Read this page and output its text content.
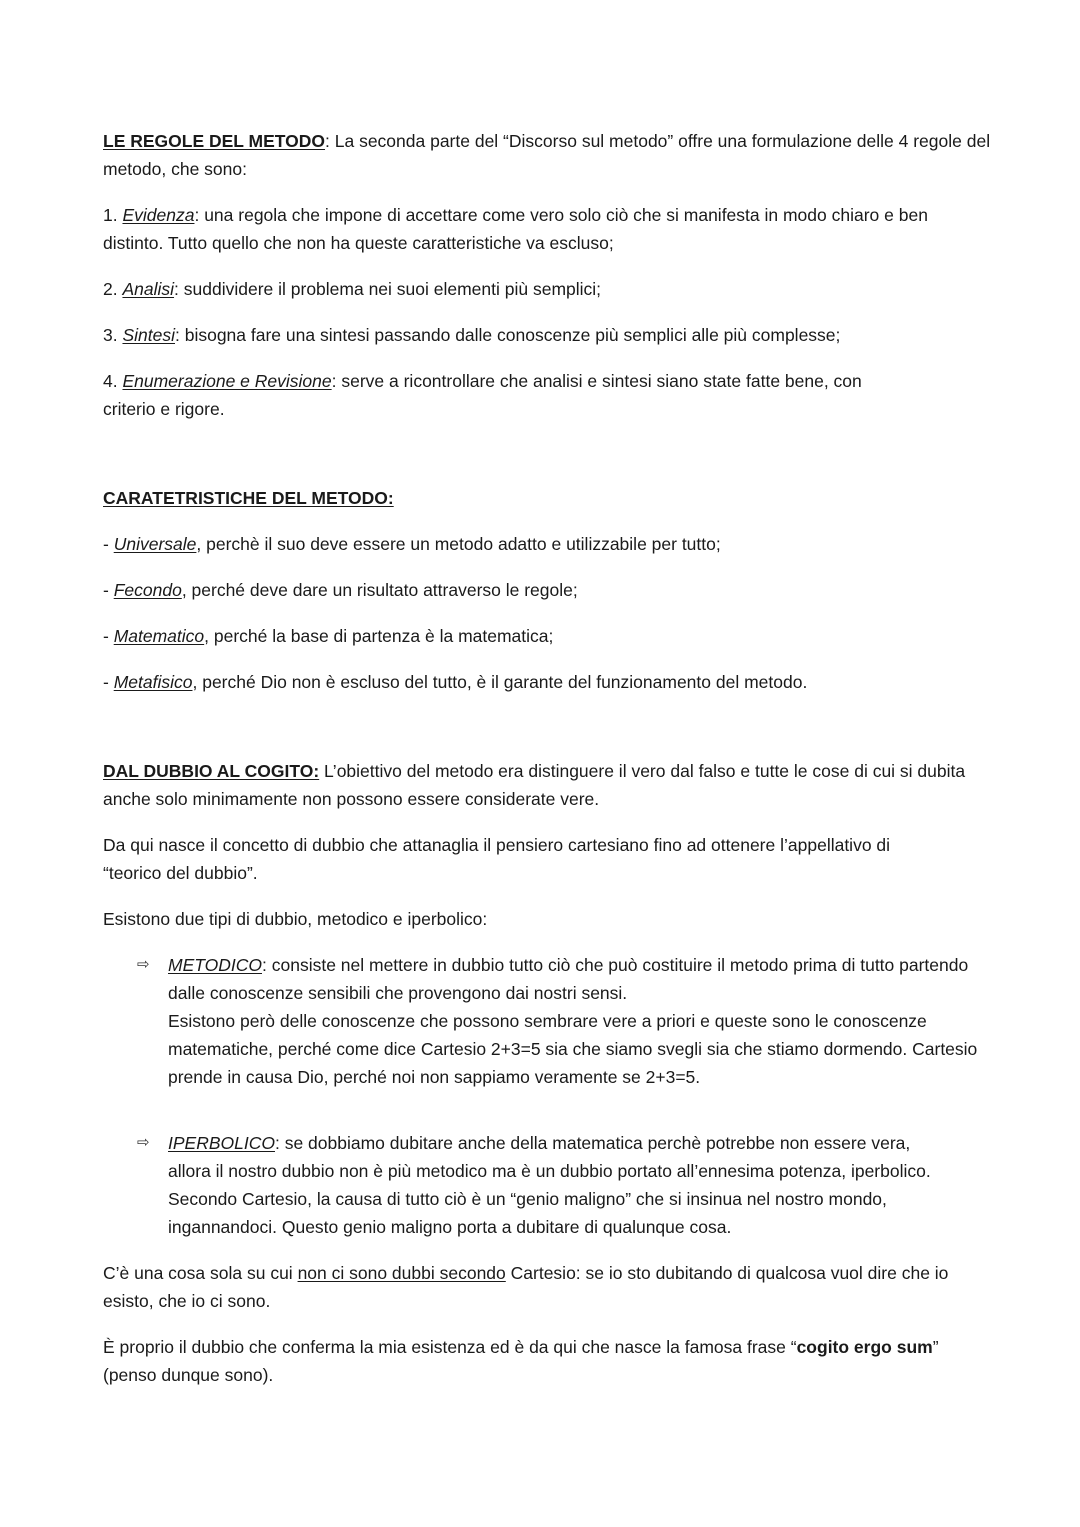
LE REGOLE DEL METODO: La seconda parte del “Discorso sul metodo” offre una formulazione delle 4 regole del metodo, che sono:

1. Evidenza: una regola che impone di accettare come vero solo ciò che si manifesta in modo chiaro e ben distinto. Tutto quello che non ha queste caratteristiche va escluso;

2. Analisi: suddividere il problema nei suoi elementi più semplici;

3. Sintesi: bisogna fare una sintesi passando dalle conoscenze più semplici alle più complesse;

4. Enumerazione e Revisione: serve a ricontrollare che analisi e sintesi siano state fatte bene, con criterio e rigore.

CARATETRISTICHE DEL METODO:

- Universale, perchè il suo deve essere un metodo adatto e utilizzabile per tutto;

- Fecondo, perché deve dare un risultato attraverso le regole;

- Matematico, perché la base di partenza è la matematica;

- Metafisico, perché Dio non è escluso del tutto, è il garante del funzionamento del metodo.

DAL DUBBIO AL COGITO: L’obiettivo del metodo era distinguere il vero dal falso e tutte le cose di cui si dubita anche solo minimamente non possono essere considerate vere.

Da qui nasce il concetto di dubbio che attanaglia il pensiero cartesiano fino ad ottenere l’appellativo di “teorico del dubbio”.

Esistono due tipi di dubbio, metodico e iperbolico:

⇨	METODICO: consiste nel mettere in dubbio tutto ciò che può costituire il metodo prima di tutto partendo dalle conoscenze sensibili che provengono dai nostri sensi.
Esistono però delle conoscenze che possono sembrare vere a priori e queste sono le conoscenze matematiche, perché come dice Cartesio 2+3=5 sia che siamo svegli sia che stiamo dormendo. Cartesio prende in causa Dio, perché noi non sappiamo veramente se 2+3=5.
⇨	IPERBOLICO: se dobbiamo dubitare anche della matematica perchè potrebbe non essere vera, allora il nostro dubbio non è più metodico ma è un dubbio portato all’ennesima potenza, iperbolico.
Secondo Cartesio, la causa di tutto ciò è un “genio maligno” che si insinua nel nostro mondo, ingannandoci. Questo genio maligno porta a dubitare di qualunque cosa.

C’è una cosa sola su cui non ci sono dubbi secondo Cartesio: se io sto dubitando di qualcosa vuol dire che io esisto, che io ci sono.

È proprio il dubbio che conferma la mia esistenza ed è da qui che nasce la famosa frase “cogito ergo sum” (penso dunque sono).
